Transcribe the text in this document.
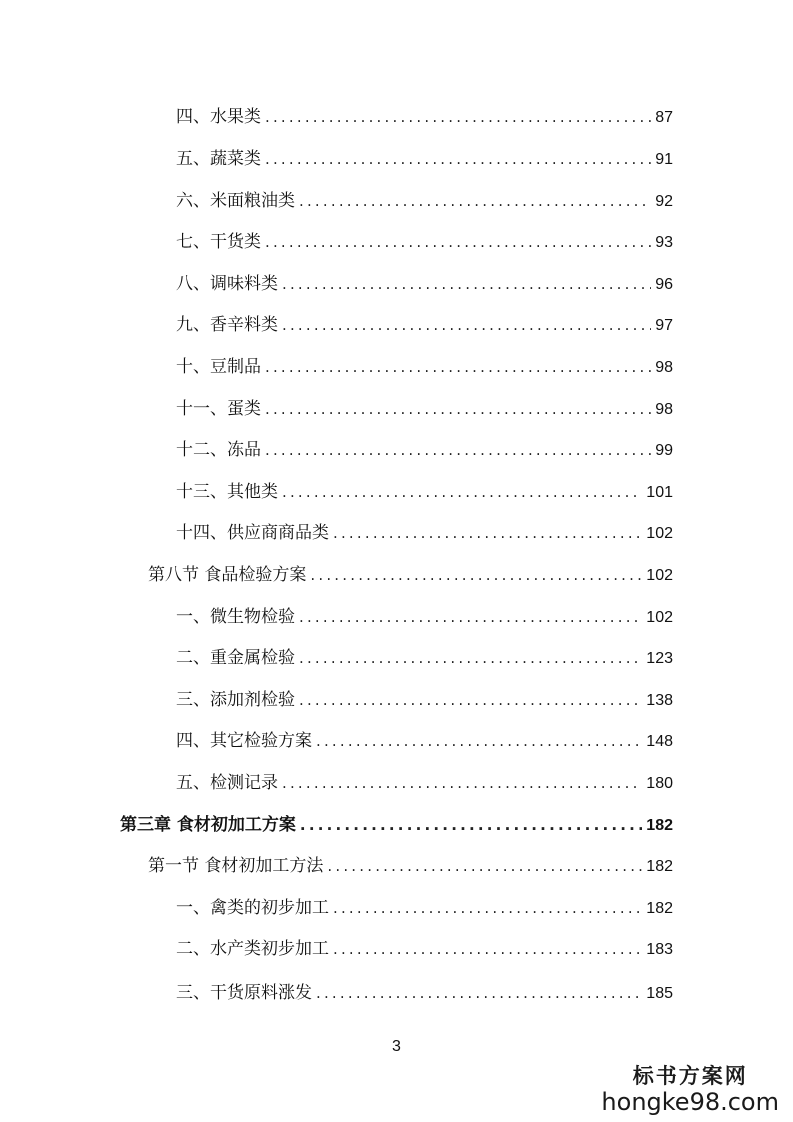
四、水果类 .....	87
五、蔬菜类 .....	91
六、米面粮油类 .....	92
七、干货类 .....	93
八、调味料类 .....	96
九、香辛料类 .....	97
十、豆制品 .....	98
十一、蛋类 .....	98
十二、冻品 .....	99
十三、其他类 .....	101
十四、供应商商品类 .....	102
第八节 食品检验方案 .....	102
一、微生物检验 .....	102
二、重金属检验 .....	123
三、添加剂检验 .....	138
四、其它检验方案 .....	148
五、检测记录 .....	180
第三章 食材初加工方案 .....	182
第一节 食材初加工方法 .....	182
一、禽类的初步加工 .....	182
二、水产类初步加工 .....	183
三、干货原料涨发 .....	185
3
标书方案网
hongke98.com
